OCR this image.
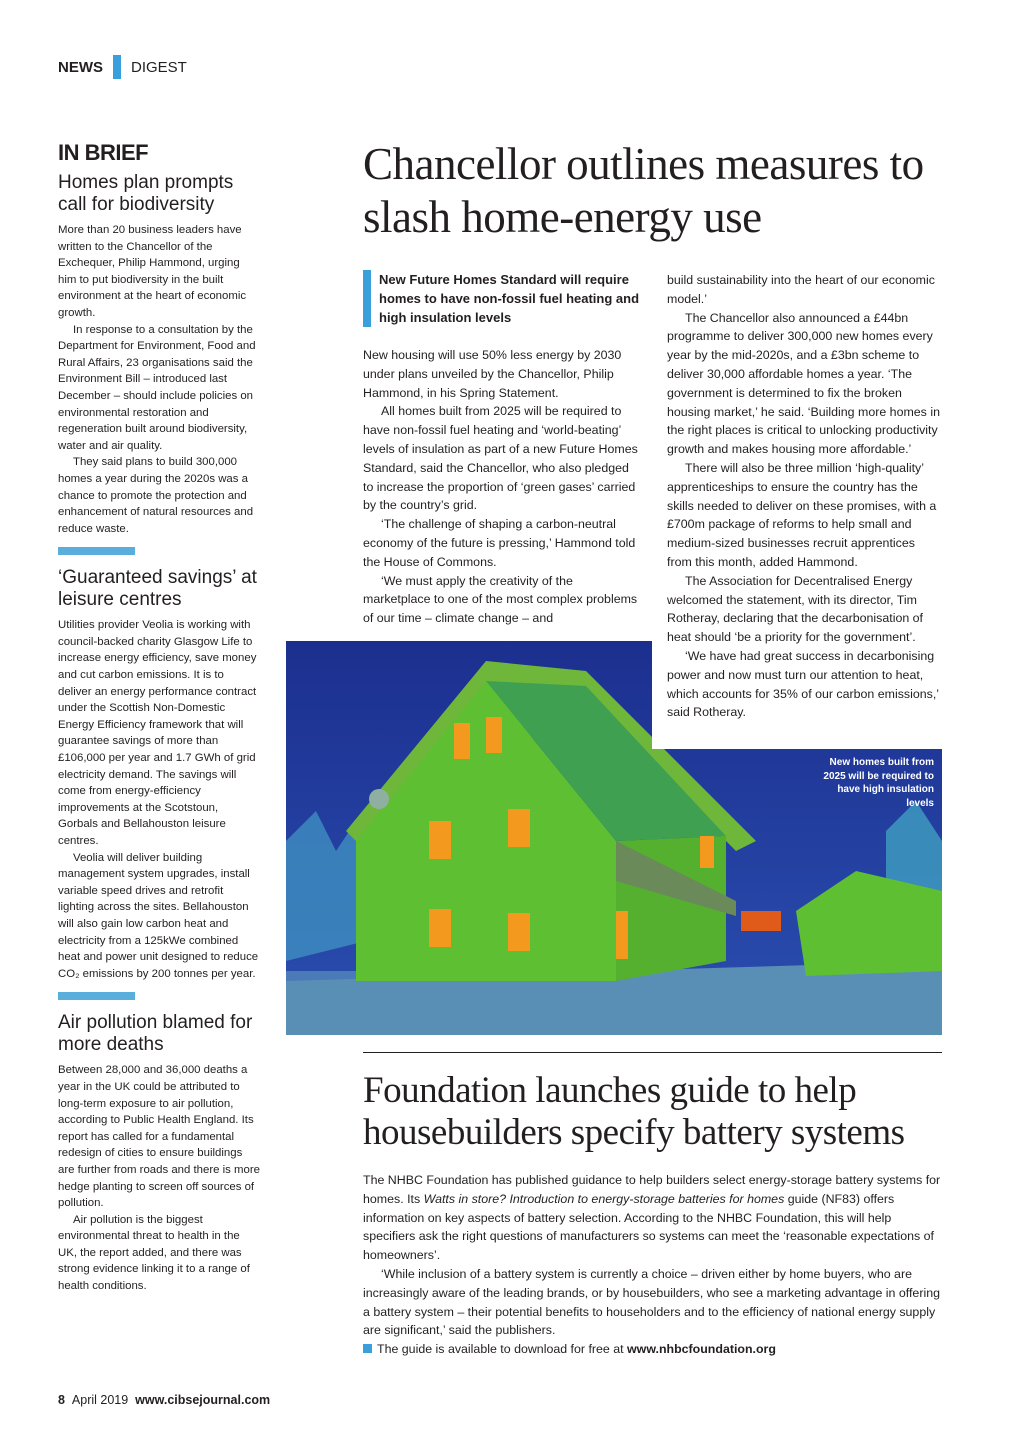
NEWS DIGEST
IN BRIEF
Homes plan prompts call for biodiversity

More than 20 business leaders have written to the Chancellor of the Exchequer, Philip Hammond, urging him to put biodiversity in the built environment at the heart of economic growth.

In response to a consultation by the Department for Environment, Food and Rural Affairs, 23 organisations said the Environment Bill – introduced last December – should include policies on environmental restoration and regeneration built around biodiversity, water and air quality.

They said plans to build 300,000 homes a year during the 2020s was a chance to promote the protection and enhancement of natural resources and reduce waste.

‘Guaranteed savings’ at leisure centres

Utilities provider Veolia is working with council-backed charity Glasgow Life to increase energy efficiency, save money and cut carbon emissions. It is to deliver an energy performance contract under the Scottish Non-Domestic Energy Efficiency framework that will guarantee savings of more than £106,000 per year and 1.7 GWh of grid electricity demand. The savings will come from energy-efficiency improvements at the Scotstoun, Gorbals and Bellahouston leisure centres.

Veolia will deliver building management system upgrades, install variable speed drives and retrofit lighting across the sites. Bellahouston will also gain low carbon heat and electricity from a 125kWe combined heat and power unit designed to reduce CO₂ emissions by 200 tonnes per year.

Air pollution blamed for more deaths

Between 28,000 and 36,000 deaths a year in the UK could be attributed to long-term exposure to air pollution, according to Public Health England. Its report has called for a fundamental redesign of cities to ensure buildings are further from roads and there is more hedge planting to screen off sources of pollution.

Air pollution is the biggest environmental threat to health in the UK, the report added, and there was strong evidence linking it to a range of health conditions.

Chancellor outlines measures to slash home-energy use

New Future Homes Standard will require homes to have non-fossil fuel heating and high insulation levels

New housing will use 50% less energy by 2030 under plans unveiled by the Chancellor, Philip Hammond, in his Spring Statement.

All homes built from 2025 will be required to have non-fossil fuel heating and ‘world-beating’ levels of insulation as part of a new Future Homes Standard, said the Chancellor, who also pledged to increase the proportion of ‘green gases’ carried by the country’s grid.

‘The challenge of shaping a carbon-neutral economy of the future is pressing,’ Hammond told the House of Commons.

‘We must apply the creativity of the marketplace to one of the most complex problems of our time – climate change – and

build sustainability into the heart of our economic model.’

The Chancellor also announced a £44bn programme to deliver 300,000 new homes every year by the mid-2020s, and a £3bn scheme to deliver 30,000 affordable homes a year. ‘The government is determined to fix the broken housing market,’ he said. ‘Building more homes in the right places is critical to unlocking productivity growth and makes housing more affordable.’

There will also be three million ‘high-quality’ apprenticeships to ensure the country has the skills needed to deliver on these promises, with a £700m package of reforms to help small and medium-sized businesses recruit apprentices from this month, added Hammond.

The Association for Decentralised Energy welcomed the statement, with its director, Tim Rotheray, declaring that the decarbonisation of heat should ‘be a priority for the government’.

‘We have had great success in decarbonising power and now must turn our attention to heat, which accounts for 35% of our carbon emissions,’ said Rotheray.

New homes built from 2025 will be required to have high insulation levels
Foundation launches guide to help housebuilders specify battery systems

The NHBC Foundation has published guidance to help builders select energy-storage battery systems for homes. Its Watts in store? Introduction to energy-storage batteries for homes guide (NF83) offers information on key aspects of battery selection. According to the NHBC Foundation, this will help specifiers ask the right questions of manufacturers so systems can meet the ‘reasonable expectations of homeowners’.

‘While inclusion of a battery system is currently a choice – driven either by home buyers, who are increasingly aware of the leading brands, or by housebuilders, who see a marketing advantage in offering a battery system – their potential benefits to householders and to the efficiency of national energy supply are significant,’ said the publishers.

The guide is available to download for free at www.nhbcfoundation.org

8 April 2019 www.cibsejournal.com
